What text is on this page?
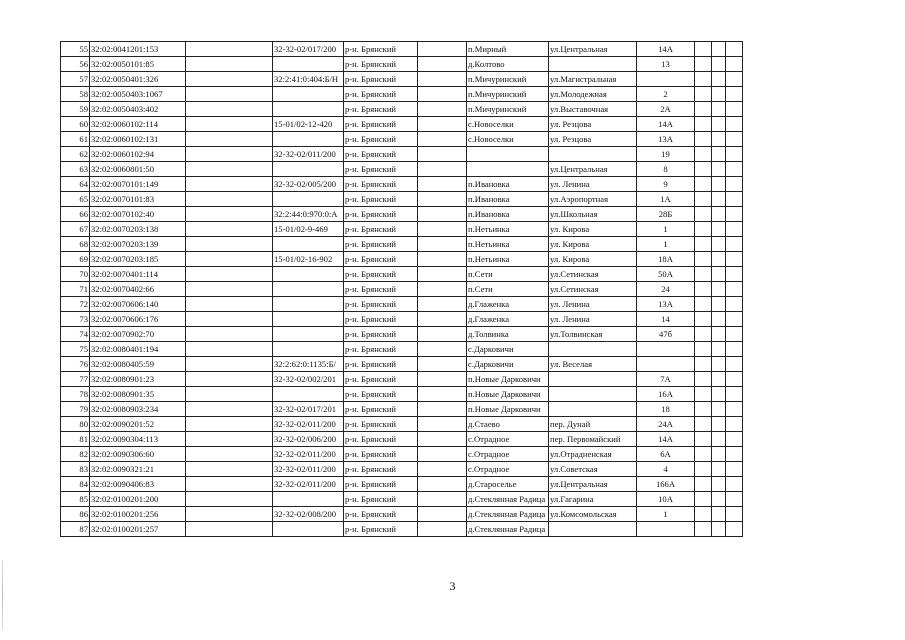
55	32:02:0041201:153		32-32-02/017/200	р-н. Брянский		п.Мирный	ул.Центральная	14А			
56	32:02:0050101:85			р-н. Брянский		д.Колтово		13			
57	32:02:0050401:326		32:2:41:0:404:Б/Н	р-н. Брянский		п.Мичуринский	ул.Магистральная				
58	32:02:0050403:1067			р-н. Брянский		п.Мичуринский	ул.Молодежная	2			
59	32:02:0050403:402			р-н. Брянский		п.Мичуринский	ул.Выставочная	2А			
60	32:02:0060102:114		15-01/02-12-420	р-н. Брянский		с.Новоселки	ул. Резцова	14А			
61	32:02:0060102:131			р-н. Брянский		с.Новоселки	ул. Резцова	13А			
62	32:02:0060102:94		32-32-02/011/200	р-н. Брянский				19			
63	32:02:0060801:50			р-н. Брянский			ул.Центральная	8			
64	32:02:0070101:149		32-32-02/005/200	р-н. Брянский		п.Ивановка	ул. Ленина	9			
65	32:02:0070101:83			р-н. Брянский		п.Ивановка	ул.Аэропортная	1А			
66	32:02:0070102:40		32:2:44:0:970:0:А	р-н. Брянский		п.Ивановка	ул.Школьная	28Б			
67	32:02:0070203:138		15-01/02-9-469	р-н. Брянский		п.Нетьинка	ул. Кирова	1			
68	32:02:0070203:139			р-н. Брянский		п.Нетьинка	ул. Кирова	1			
69	32:02:0070203:185		15-01/02-16-902	р-н. Брянский		п.Нетьинка	ул. Кирова	18А			
70	32:02:0070401:114			р-н. Брянский		п.Сети	ул.Сетинская	50А			
71	32:02:0070402:66			р-н. Брянский		п.Сети	ул.Сетинская	24			
72	32:02:0070606:140			р-н. Брянский		д.Глаженка	ул. Ленина	13А			
73	32:02:0070606:176			р-н. Брянский		д.Глаженка	ул. Ленина	14			
74	32:02:0070902:70			р-н. Брянский		д.Толвинка	ул.Толвинская	47б			
75	32:02:0080401:194			р-н. Брянский		с.Дарковичи					
76	32:02:0080405:59		32:2:62:0:1135:Б/	р-н. Брянский		с.Дарковичи	ул. Веселая				
77	32:02:0080901:23		32-32-02/002/201	р-н. Брянский		п.Новые Дарковичи		7А			
78	32:02:0080901:35			р-н. Брянский		п.Новые Дарковичи		16А			
79	32:02:0080903:234		32-32-02/017/201	р-н. Брянский		п.Новые Дарковичи		18			
80	32:02:0090201:52		32-32-02/011/200	р-н. Брянский		д.Стаево	пер. Дунай	24А			
81	32:02:0090304:113		32-32-02/006/200	р-н. Брянский		с.Отрадное	пер. Первомайский	14А			
82	32:02:0090306:60		32-32-02/011/200	р-н. Брянский		с.Отрадное	ул.Отрадненская	6А			
83	32:02:0090321:21		32-32-02/011/200	р-н. Брянский		с.Отрадное	ул.Советская	4			
84	32:02:0090406:83		32-32-02/011/200	р-н. Брянский		д.Староселье	ул.Центральная	166А			
85	32:02:0100201:200			р-н. Брянский		д.Стеклянная Радица	ул.Гагарина	10А			
86	32:02:0100201:256		32-32-02/008/200	р-н. Брянский		д.Стеклянная Радица	ул.Комсомольская	1			
87	32:02:0100201:257			р-н. Брянский		д.Стеклянная Радица					
3
